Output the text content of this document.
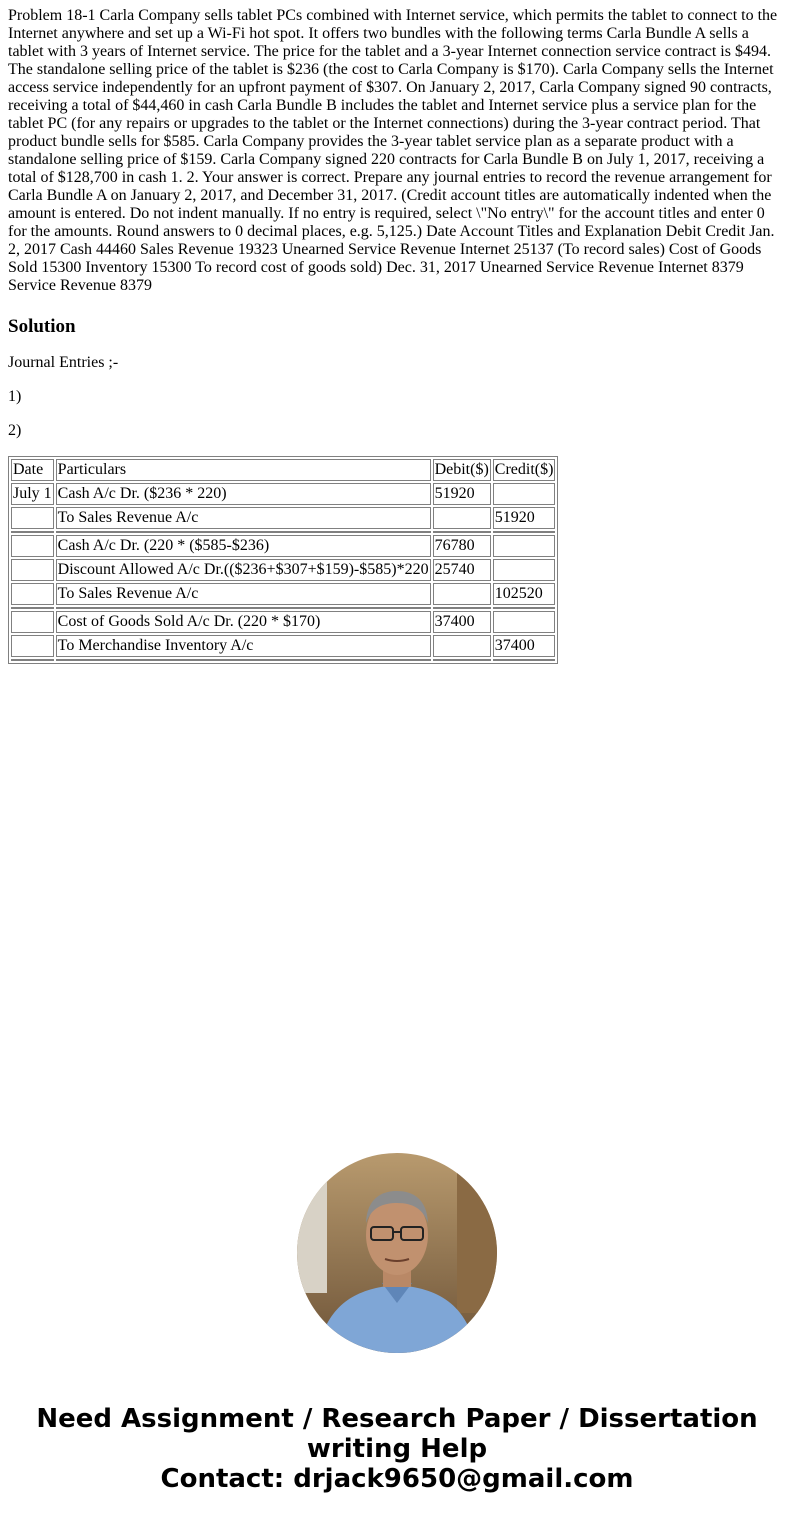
Problem 18-1 Carla Company sells tablet PCs combined with Internet service, which permits the tablet to connect to the Internet anywhere and set up a Wi-Fi hot spot. It offers two bundles with the following terms Carla Bundle A sells a tablet with 3 years of Internet service. The price for the tablet and a 3-year Internet connection service contract is $494. The standalone selling price of the tablet is $236 (the cost to Carla Company is $170). Carla Company sells the Internet access service independently for an upfront payment of $307. On January 2, 2017, Carla Company signed 90 contracts, receiving a total of $44,460 in cash Carla Bundle B includes the tablet and Internet service plus a service plan for the tablet PC (for any repairs or upgrades to the tablet or the Internet connections) during the 3-year contract period. That product bundle sells for $585. Carla Company provides the 3-year tablet service plan as a separate product with a standalone selling price of $159. Carla Company signed 220 contracts for Carla Bundle B on July 1, 2017, receiving a total of $128,700 in cash 1. 2. Your answer is correct. Prepare any journal entries to record the revenue arrangement for Carla Bundle A on January 2, 2017, and December 31, 2017. (Credit account titles are automatically indented when the amount is entered. Do not indent manually. If no entry is required, select \"No entry\" for the account titles and enter 0 for the amounts. Round answers to 0 decimal places, e.g. 5,125.) Date Account Titles and Explanation Debit Credit Jan. 2, 2017 Cash 44460 Sales Revenue 19323 Unearned Service Revenue Internet 25137 (To record sales) Cost of Goods Sold 15300 Inventory 15300 To record cost of goods sold) Dec. 31, 2017 Unearned Service Revenue Internet 8379 Service Revenue 8379
Solution

Journal Entries ;-

1)

2)

Date	Particulars	Debit($)	Credit($)
July 1	Cash A/c Dr. ($236 * 220)	51920	
	To Sales Revenue A/c		51920

	Cash A/c Dr. (220 * ($585-$236)	76780	
	Discount Allowed A/c Dr.(($236+$307+$159)-$585)*220	25740	
	To Sales Revenue A/c		102520

	Cost of Goods Sold A/c Dr. (220 * $170)	37400	
	To Merchandise Inventory A/c		37400

Need Assignment / Research Paper / Dissertation writing Help
Contact: drjack9650@gmail.com
